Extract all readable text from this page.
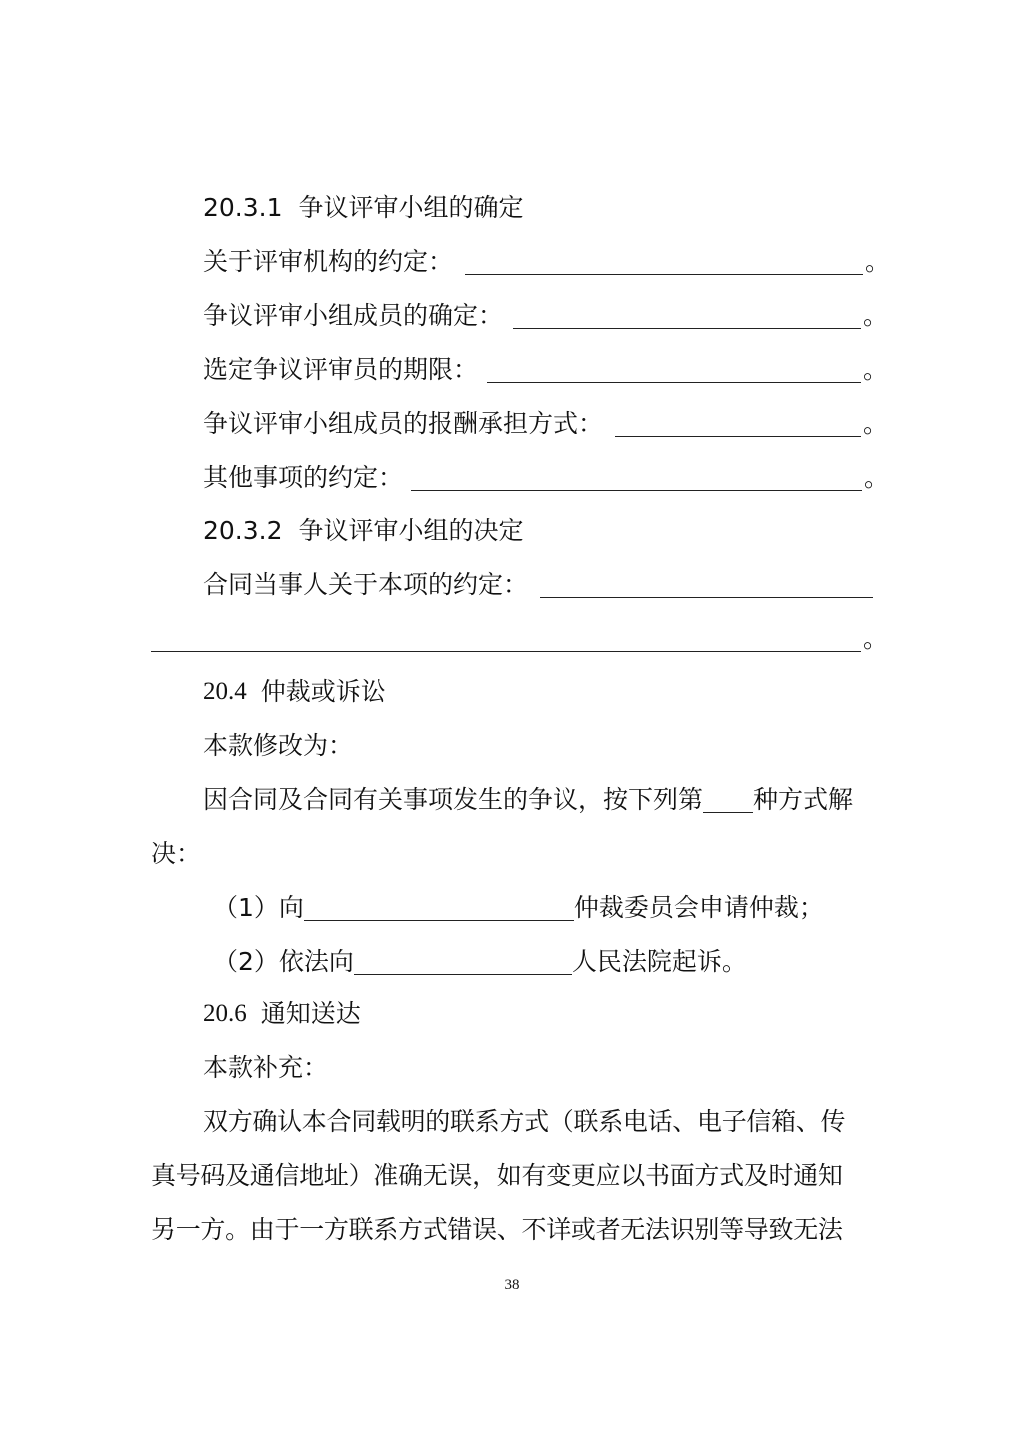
20.3.1 争议评审小组的确定
关于评审机构的约定：	。
争议评审小组成员的确定：	。
选定争议评审员的期限：	。
争议评审小组成员的报酬承担方式：	。
其他事项的约定：	。
20.3.2 争议评审小组的决定
合同当事人关于本项的约定：
。
20.4 仲裁或诉讼
本款修改为：
因合同及合同有关事项发生的争议，按下列第 种方式解
决：
（1） 向	仲裁委员会申请仲裁；
（2） 依法向	人民法院起诉。
20.6 通知送达
本款补充：
双方确认本合同载明的联系方式（联系电话、电子信箱、传
真号码及通信地址）准确无误，如有变更应以书面方式及时通知
另一方。由于一方联系方式错误、不详或者无法识别等导致无法
38
